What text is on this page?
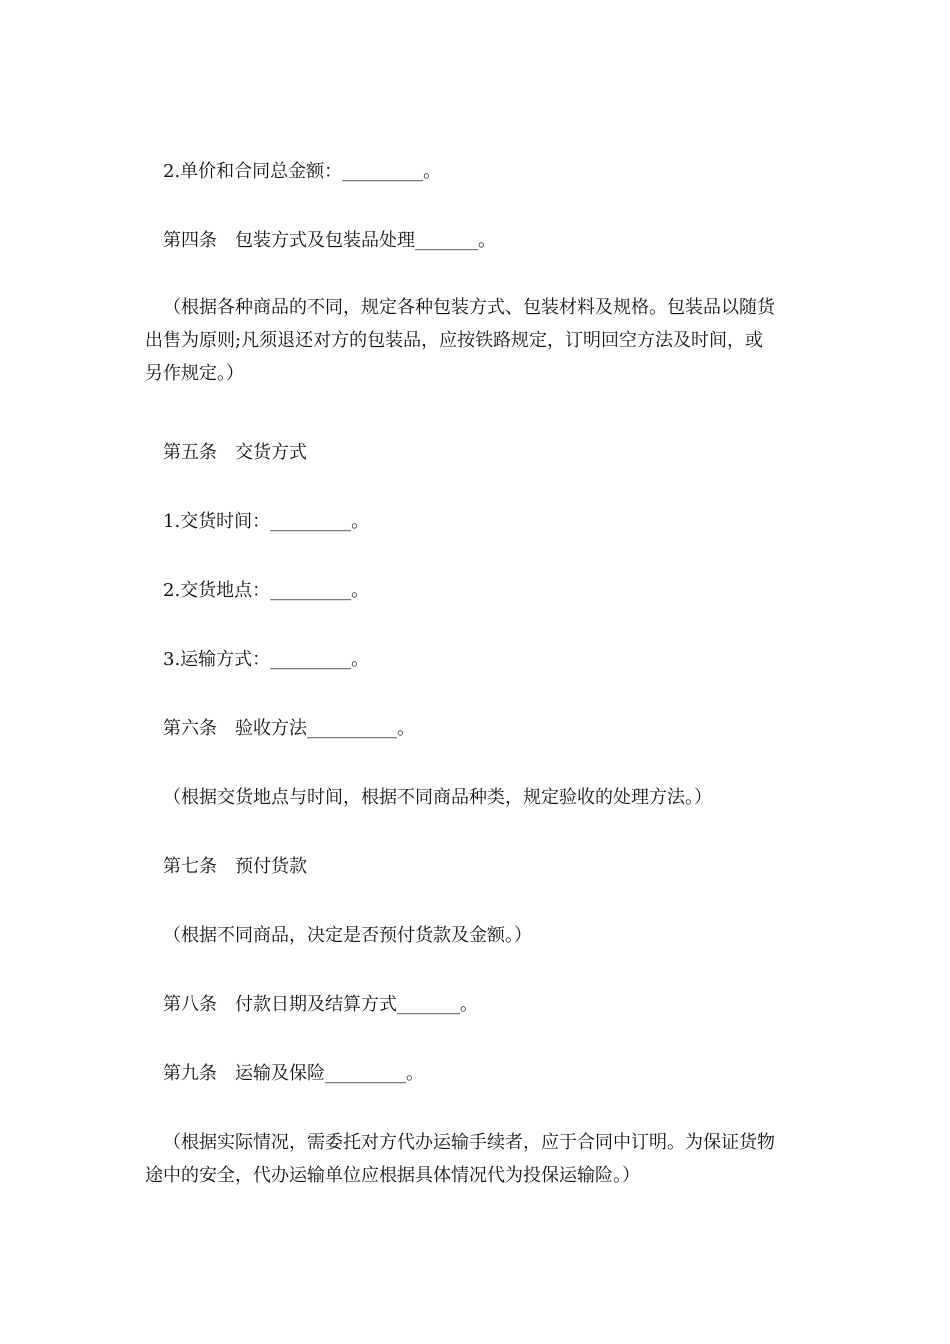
2.单价和合同总金额：_________。
第四条　包装方式及包装品处理_______。
（根据各种商品的不同，规定各种包装方式、包装材料及规格。包装品以随货
出售为原则;凡须退还对方的包装品，应按铁路规定，订明回空方法及时间，或
另作规定。）
第五条　交货方式
1.交货时间：_________。
2.交货地点：_________。
3.运输方式：_________。
第六条　验收方法__________。
（根据交货地点与时间，根据不同商品种类，规定验收的处理方法。）
第七条　预付货款
（根据不同商品，决定是否预付货款及金额。）
第八条　付款日期及结算方式_______。
第九条　运输及保险_________。
（根据实际情况，需委托对方代办运输手续者，应于合同中订明。为保证货物
途中的安全，代办运输单位应根据具体情况代为投保运输险。）
